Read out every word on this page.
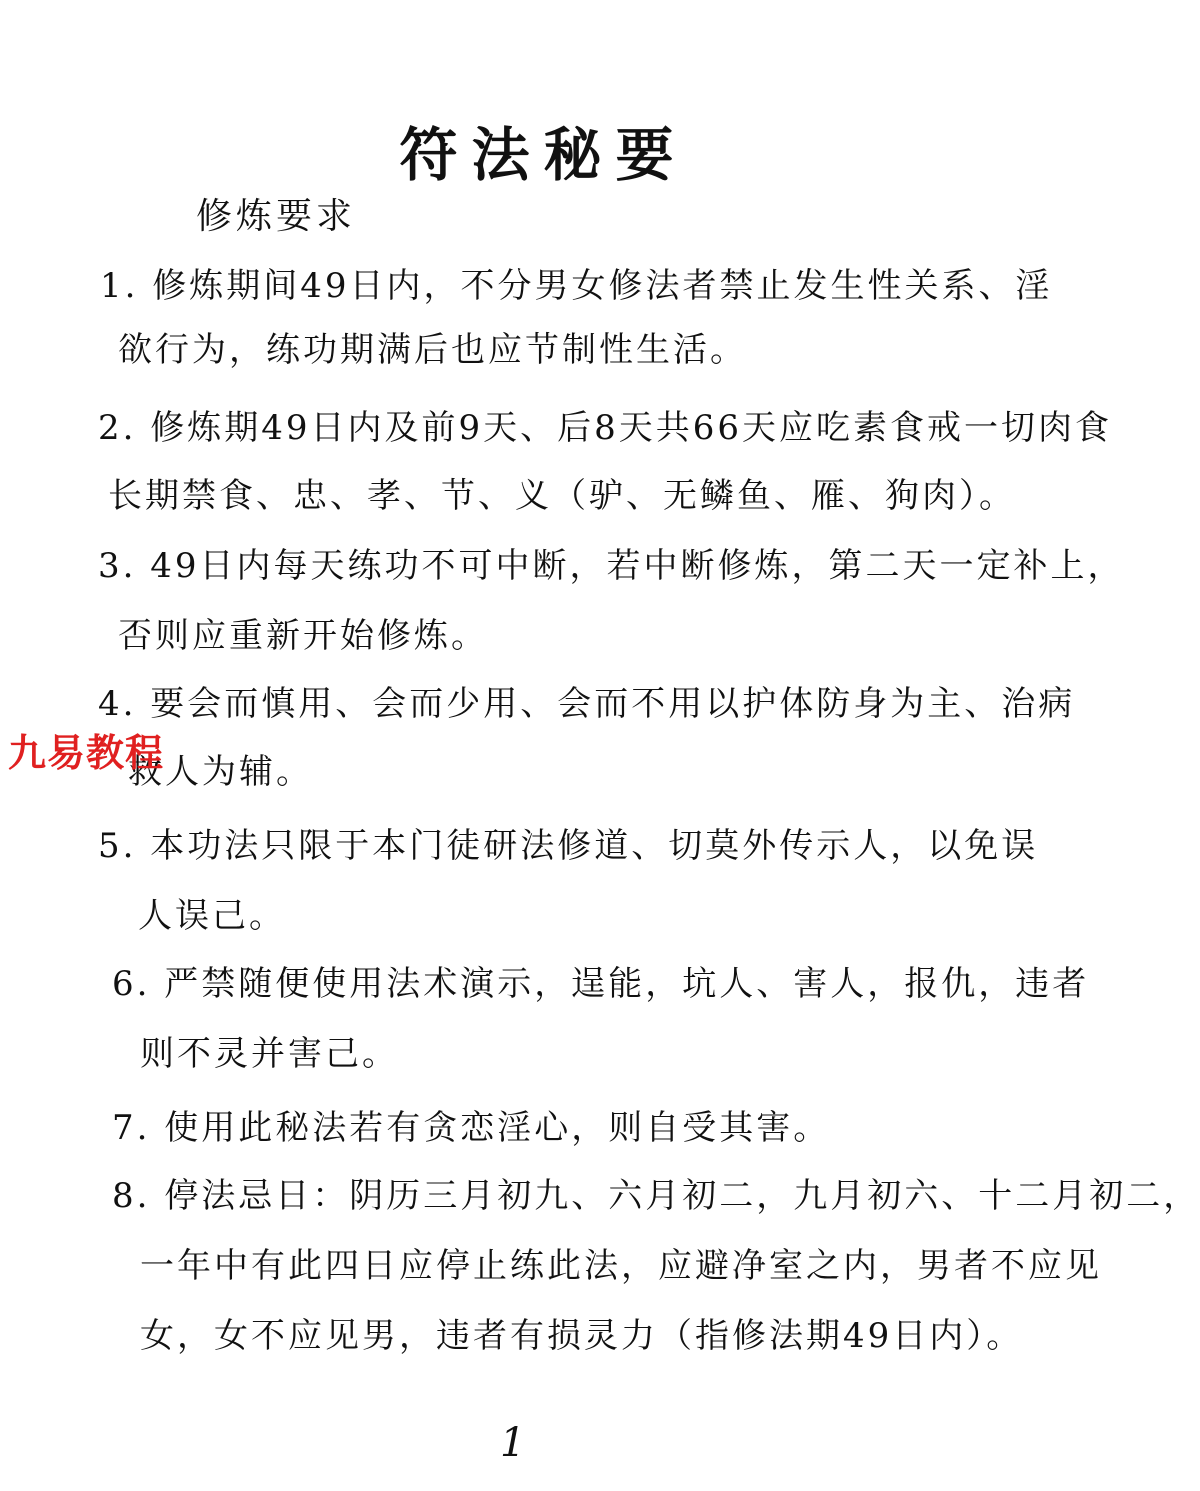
符法秘要
修炼要求
1. 修炼期间49日内，不分男女修法者禁止发生性关系、淫
欲行为，练功期满后也应节制性生活。
2. 修炼期49日内及前9天、后8天共66天应吃素食戒一切肉食
长期禁食、忠、孝、节、义（驴、无鳞鱼、雁、狗肉）。
3. 49日内每天练功不可中断，若中断修炼，第二天一定补上，
否则应重新开始修炼。
4. 要会而慎用、会而少用、会而不用以护体防身为主、治病
救人为辅。
5. 本功法只限于本门徒研法修道、切莫外传示人，以免误
人误己。
6. 严禁随便使用法术演示，逞能，坑人、害人，报仇，违者
则不灵并害己。
7. 使用此秘法若有贪恋淫心，则自受其害。
8. 停法忌日：阴历三月初九、六月初二，九月初六、十二月初二，
一年中有此四日应停止练此法，应避净室之内，男者不应见
女，女不应见男，违者有损灵力（指修法期49日内）。
1
九易教程
